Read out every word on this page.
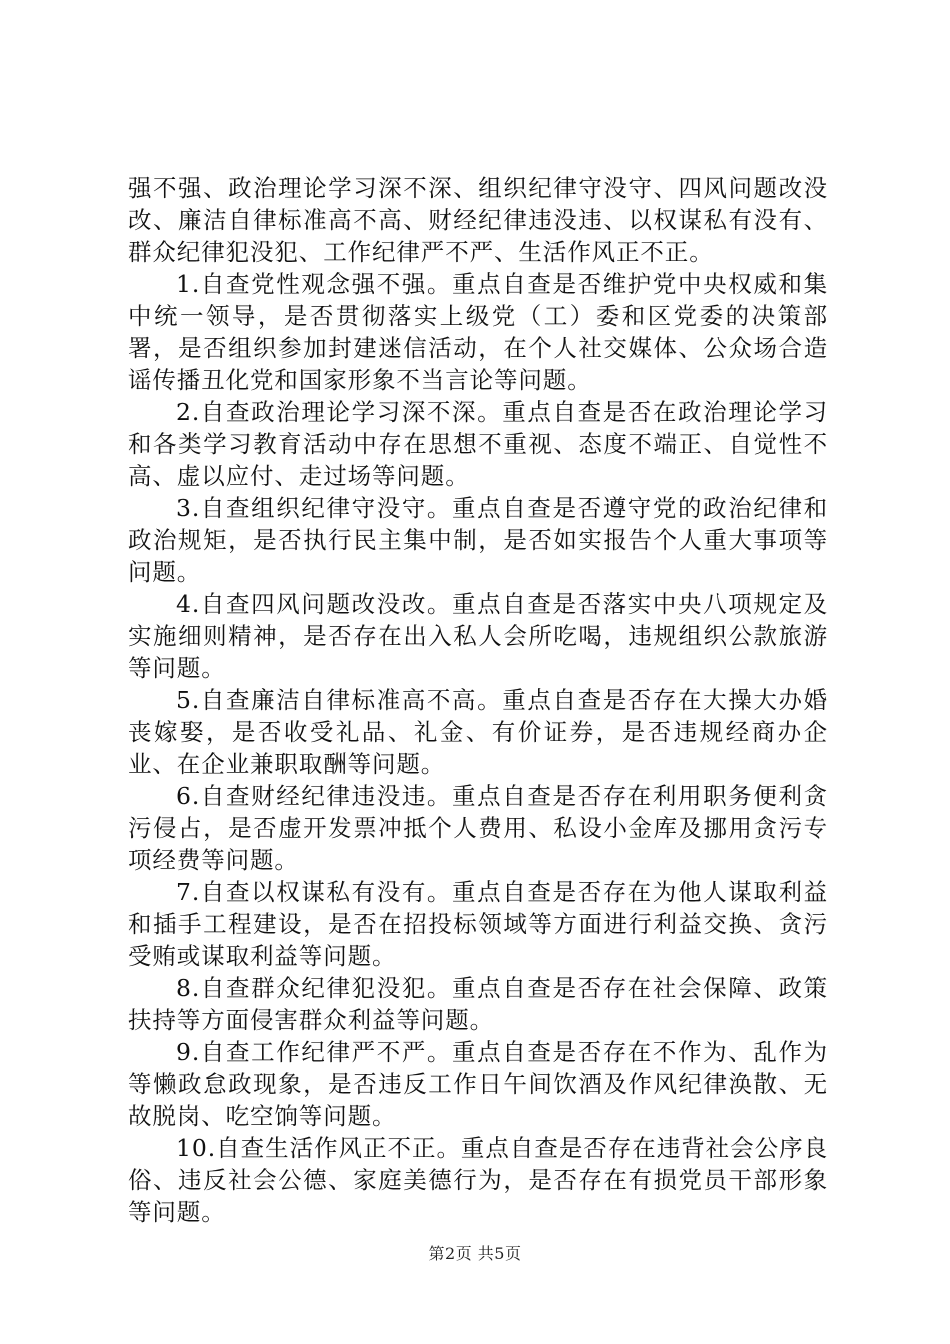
强不强、政治理论学习深不深、组织纪律守没守、四风问题改没改、廉洁自律标准高不高、财经纪律违没违、以权谋私有没有、群众纪律犯没犯、工作纪律严不严、生活作风正不正。

1.自查党性观念强不强。重点自查是否维护党中央权威和集中统一领导，是否贯彻落实上级党（工）委和区党委的决策部署，是否组织参加封建迷信活动，在个人社交媒体、公众场合造谣传播丑化党和国家形象不当言论等问题。

2.自查政治理论学习深不深。重点自查是否在政治理论学习和各类学习教育活动中存在思想不重视、态度不端正、自觉性不高、虚以应付、走过场等问题。

3.自查组织纪律守没守。重点自查是否遵守党的政治纪律和政治规矩，是否执行民主集中制，是否如实报告个人重大事项等问题。

4.自查四风问题改没改。重点自查是否落实中央八项规定及实施细则精神，是否存在出入私人会所吃喝，违规组织公款旅游等问题。

5.自查廉洁自律标准高不高。重点自查是否存在大操大办婚丧嫁娶，是否收受礼品、礼金、有价证券，是否违规经商办企业、在企业兼职取酬等问题。

6.自查财经纪律违没违。重点自查是否存在利用职务便利贪污侵占，是否虚开发票冲抵个人费用、私设小金库及挪用贪污专项经费等问题。

7.自查以权谋私有没有。重点自查是否存在为他人谋取利益和插手工程建设，是否在招投标领域等方面进行利益交换、贪污受贿或谋取利益等问题。

8.自查群众纪律犯没犯。重点自查是否存在社会保障、政策扶持等方面侵害群众利益等问题。

9.自查工作纪律严不严。重点自查是否存在不作为、乱作为等懒政怠政现象，是否违反工作日午间饮酒及作风纪律涣散、无故脱岗、吃空饷等问题。

10.自查生活作风正不正。重点自查是否存在违背社会公序良俗、违反社会公德、家庭美德行为，是否存在有损党员干部形象等问题。

第2页 共5页
